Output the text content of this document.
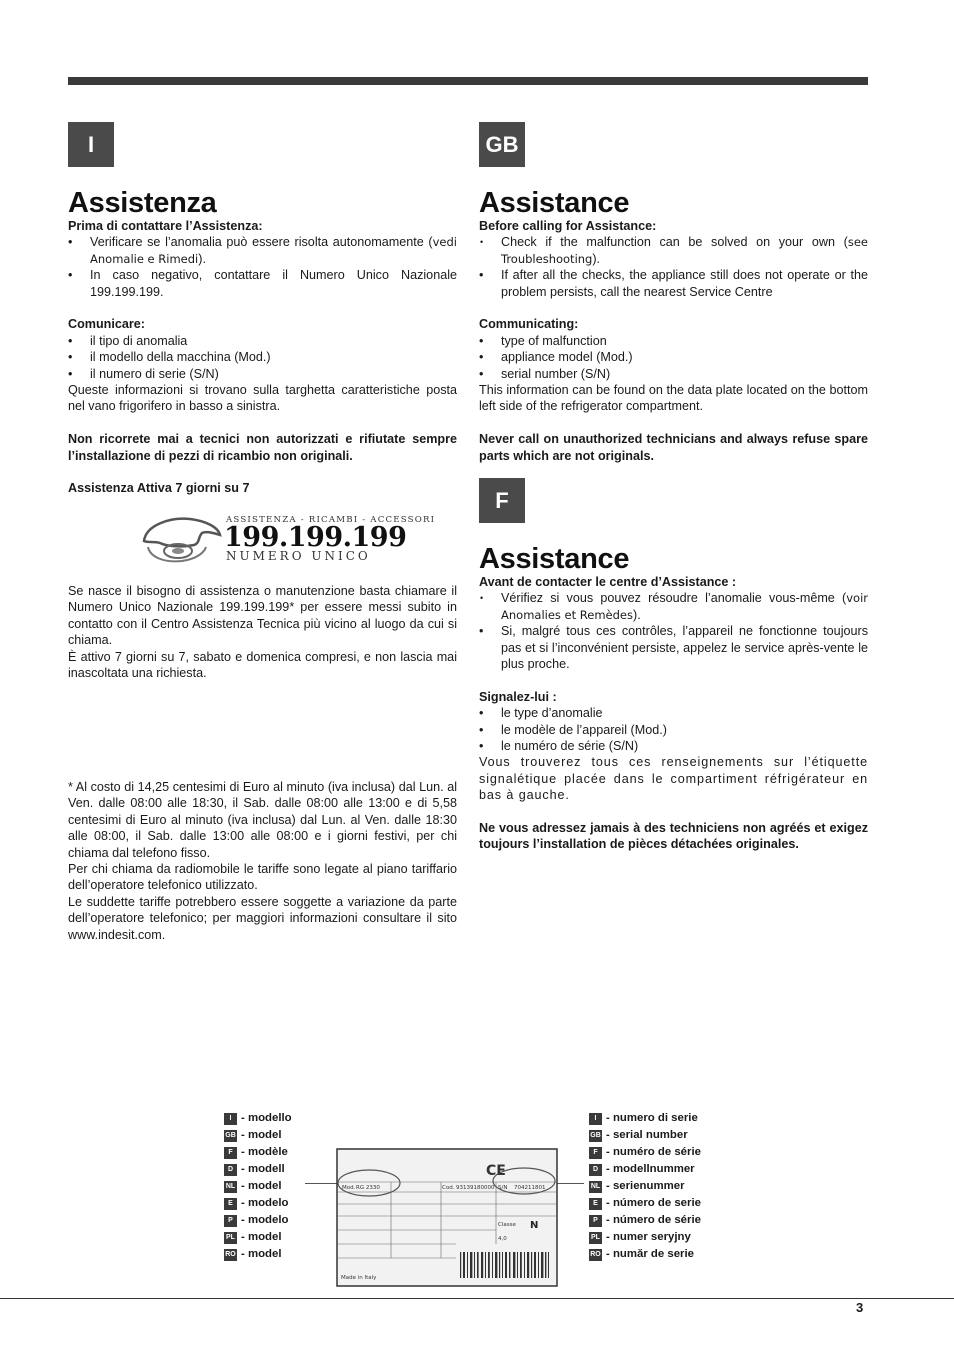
I	GB
F
Assistenza

Prima di contattare l’Assistenza:

• Verificare se l’anomalia può essere risolta autonomamente (vedi Anomalie e Rimedi).
• In caso negativo, contattare il Numero Unico Nazionale 199.199.199.

Comunicare:

• il tipo di anomalia
• il modello della macchina (Mod.)
• il numero di serie (S/N)

Queste informazioni si trovano sulla targhetta caratteristiche posta nel vano frigorifero in basso a sinistra.

Non ricorrete mai a tecnici non autorizzati e rifiutate sempre l’installazione di pezzi di ricambio non originali.

Assistenza Attiva 7 giorni su 7

ASSISTENZA - RICAMBI - ACCESSORI
199.199.199
NUMERO UNICO

Se nasce il bisogno di assistenza o manutenzione basta chiamare il Numero Unico Nazionale 199.199.199* per essere messi subito in contatto con il Centro Assistenza Tecnica più vicino al luogo da cui si chiama.

È attivo 7 giorni su 7, sabato e domenica compresi, e non lascia mai inascoltata una richiesta.

* Al costo di 14,25 centesimi di Euro al minuto (iva inclusa) dal Lun. al Ven. dalle 08:00 alle 18:30, il Sab. dalle 08:00 alle 13:00 e di 5,58 centesimi di Euro al minuto (iva inclusa) dal Lun. al Ven. dalle 18:30 alle 08:00, il Sab. dalle 13:00 alle 08:00 e i giorni festivi, per chi chiama dal telefono fisso.

Per chi chiama da radiomobile le tariffe sono legate al piano tariffario dell’operatore telefonico utilizzato.

Le suddette tariffe potrebbero essere soggette a variazione da parte dell’operatore telefonico; per maggiori informazioni consultare il sito www.indesit.com.

Assistance

Before calling for Assistance:

• Check if the malfunction can be solved on your own (see Troubleshooting).
• If after all the checks, the appliance still does not operate or the problem persists, call the nearest Service Centre

Communicating:

• type of malfunction
• appliance model (Mod.)
• serial number (S/N)

This information can be found on the data plate located on the bottom left side of the refrigerator compartment.

Never call on unauthorized technicians and always refuse spare parts which are not originals.

Assistance

Avant de contacter le centre d’Assistance :

• Vérifiez si vous pouvez résoudre l’anomalie vous-même (voir Anomalies et Remèdes).
• Si, malgré tous ces contrôles, l’appareil ne fonctionne toujours pas et si l’inconvénient persiste, appelez le service après-vente le plus proche.

Signalez-lui :

• le type d’anomalie
• le modèle de l’appareil (Mod.)
• le numéro de série (S/N)

Vous trouverez tous ces renseignements sur l’étiquette signalétique placée dans le compartiment réfrigérateur en bas à gauche.

Ne vous adressez jamais à des techniciens non agréés et exigez toujours l’installation de pièces détachées originales.

I - modello
GB - model
F - modèle
D - modell
NL - model
E - modelo
P - modelo
PL - model
RO - model
I - numero di serie
GB - serial number
F - numéro de série
D - modellnummer
NL - serienummer
E - número de serie
P - número de série
PL - numer seryjny
RO - număr de serie
Mod. RG 2330	Cod. 93139180000 S/N 704211801
Classe
4,0
Made in Italy
N
CE
3
